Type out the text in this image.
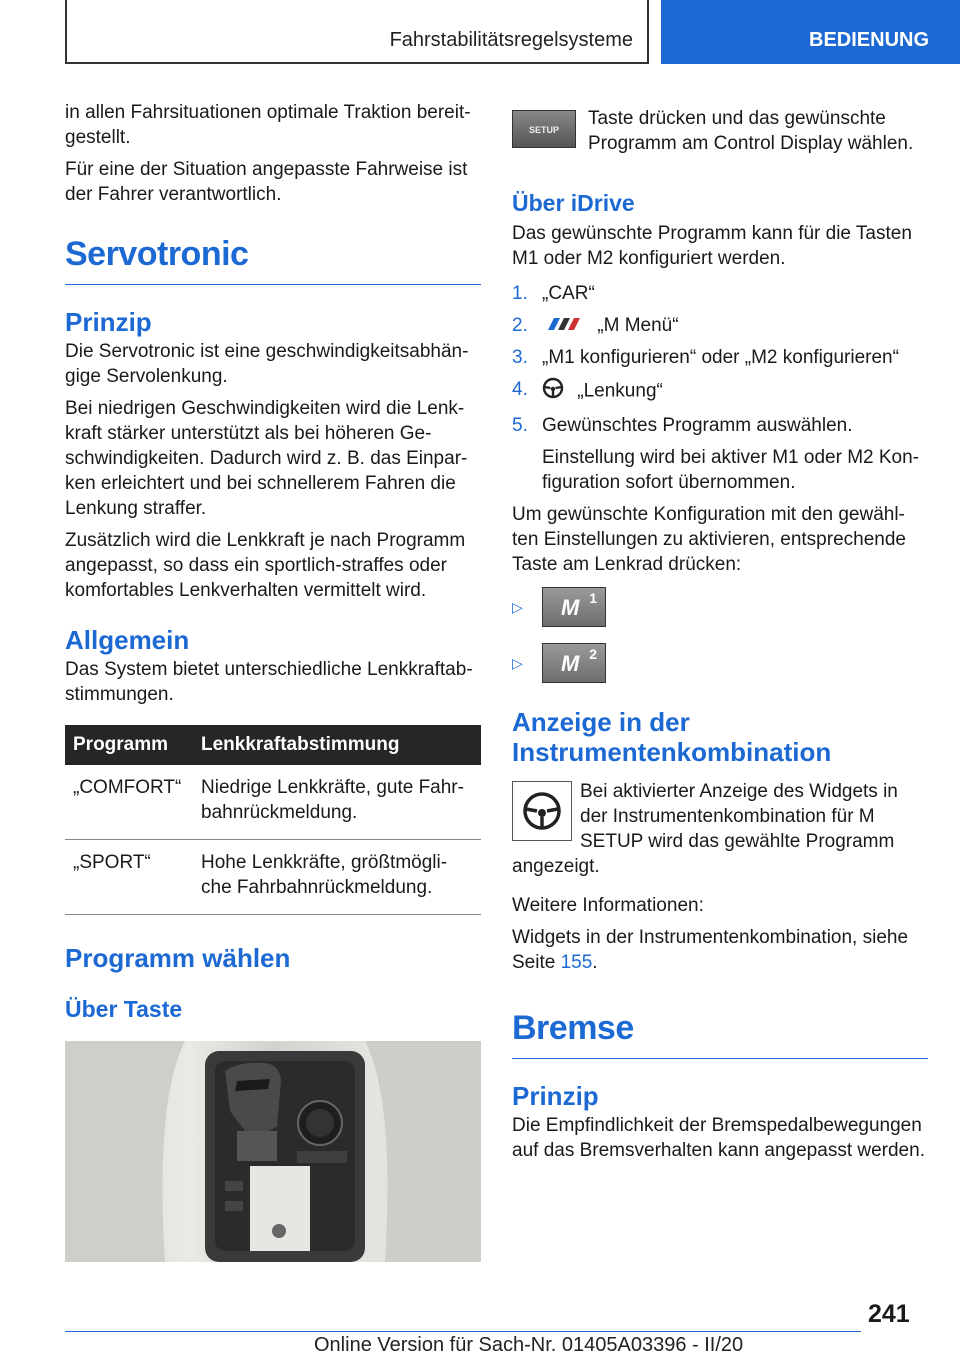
Fahrstabilitätsregelsysteme	BEDIENUNG

in allen Fahrsituationen optimale Traktion bereit-gestellt.

Für eine der Situation angepasste Fahrweise ist der Fahrer verantwortlich.

Servotronic
Prinzip

Die Servotronic ist eine geschwindigkeitsabhän-gige Servolenkung.

Bei niedrigen Geschwindigkeiten wird die Lenk-kraft stärker unterstützt als bei höheren Ge-schwindigkeiten. Dadurch wird z. B. das Einpar-ken erleichtert und bei schnellerem Fahren die Lenkung straffer.

Zusätzlich wird die Lenkkraft je nach Programm angepasst, so dass ein sportlich-straffes oder komfortables Lenkverhalten vermittelt wird.

Allgemein

Das System bietet unterschiedliche Lenkkraftab-stimmungen.

Programm	Lenkkraftabstimmung
„COMFORT“	Niedrige Lenkkräfte, gute Fahr-bahnrückmeldung.
„SPORT“	Hohe Lenkkräfte, größtmögli-che Fahrbahnrückmeldung.
Programm wählen
Über Taste
SETUP

Taste drücken und das gewünschte Programm am Control Display wählen.

Über iDrive

Das gewünschte Programm kann für die Tasten M1 oder M2 konfiguriert werden.

1. „CAR“
2.	„M Menü“
3. „M1 konfigurieren“ oder „M2 konfigurieren“
4.	„Lenkung“
5. Gewünschtes Programm auswählen.

Einstellung wird bei aktiver M1 oder M2 Kon-figuration sofort übernommen.

Um gewünschte Konfiguration mit den gewähl-ten Einstellungen zu aktivieren, entsprechende Taste am Lenkrad drücken:

▷	M 1
▷	M 2
Anzeige in der Instrumentenkombination

Bei aktivierter Anzeige des Widgets in der Instrumentenkombination für M SETUP wird das gewählte Programm angezeigt.

Weitere Informationen:

Widgets in der Instrumentenkombination, siehe Seite 155.

Bremse
Prinzip

Die Empfindlichkeit der Bremspedalbewegungen auf das Bremsverhalten kann angepasst werden.

241
Online Version für Sach-Nr. 01405A03396 - II/20
